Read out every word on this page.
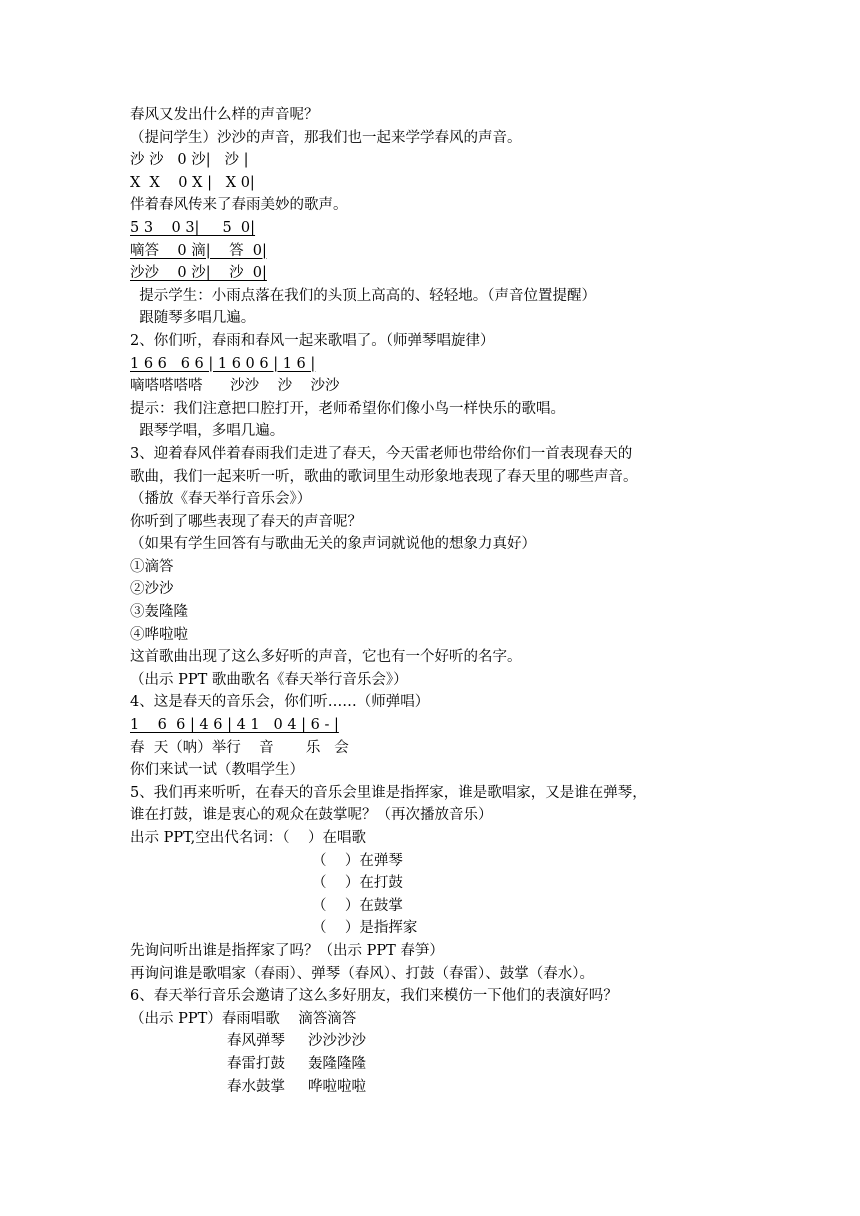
春风又发出什么样的声音呢？
（提问学生）沙沙的声音，那我们也一起来学学春风的声音。
沙 沙   0 沙|   沙 |
X  X    0 X |   X 0|
伴着春风传来了春雨美妙的歌声。
5 3    0 3|     5  0|
嘀答    0 滴|    答  0|
沙沙    0 沙|    沙  0|
提示学生：小雨点落在我们的头顶上高高的、轻轻地。（声音位置提醒）
跟随琴多唱几遍。
2、你们听，春雨和春风一起来歌唱了。（师弹琴唱旋律）
1 6 6   6 6 | 1 6 0 6 | 1 6 |
嘀嗒嗒嗒嗒      沙沙    沙    沙沙
提示：我们注意把口腔打开，老师希望你们像小鸟一样快乐的歌唱。
跟琴学唱，多唱几遍。
3、迎着春风伴着春雨我们走进了春天，今天雷老师也带给你们一首表现春天的
歌曲，我们一起来听一听，歌曲的歌词里生动形象地表现了春天里的哪些声音。
（播放《春天举行音乐会》）
你听到了哪些表现了春天的声音呢？
（如果有学生回答有与歌曲无关的象声词就说他的想象力真好）
①滴答
②沙沙
③轰隆隆
④哗啦啦
这首歌曲出现了这么多好听的声音，它也有一个好听的名字。
（出示 PPT 歌曲歌名《春天举行音乐会》）
4、这是春天的音乐会，你们听……（师弹唱）
1    6  6 | 4 6 | 4 1   0 4 | 6 - |
春  天（呐）举行    音       乐   会
你们来试一试（教唱学生）
5、我们再来听听，在春天的音乐会里谁是指挥家，谁是歌唱家，又是谁在弹琴，
谁在打鼓，谁是衷心的观众在鼓掌呢？（再次播放音乐）
出示 PPT,空出代名词：（    ）在唱歌
（    ）在弹琴
（    ）在打鼓
（    ）在鼓掌
（    ）是指挥家
先询问听出谁是指挥家了吗？（出示 PPT 春笋）
再询问谁是歌唱家（春雨）、弹琴（春风）、打鼓（春雷）、鼓掌（春水）。
6、春天举行音乐会邀请了这么多好朋友，我们来模仿一下他们的表演好吗？
（出示 PPT）春雨唱歌    滴答滴答
春风弹琴     沙沙沙沙
春雷打鼓     轰隆隆隆
春水鼓掌     哗啦啦啦
